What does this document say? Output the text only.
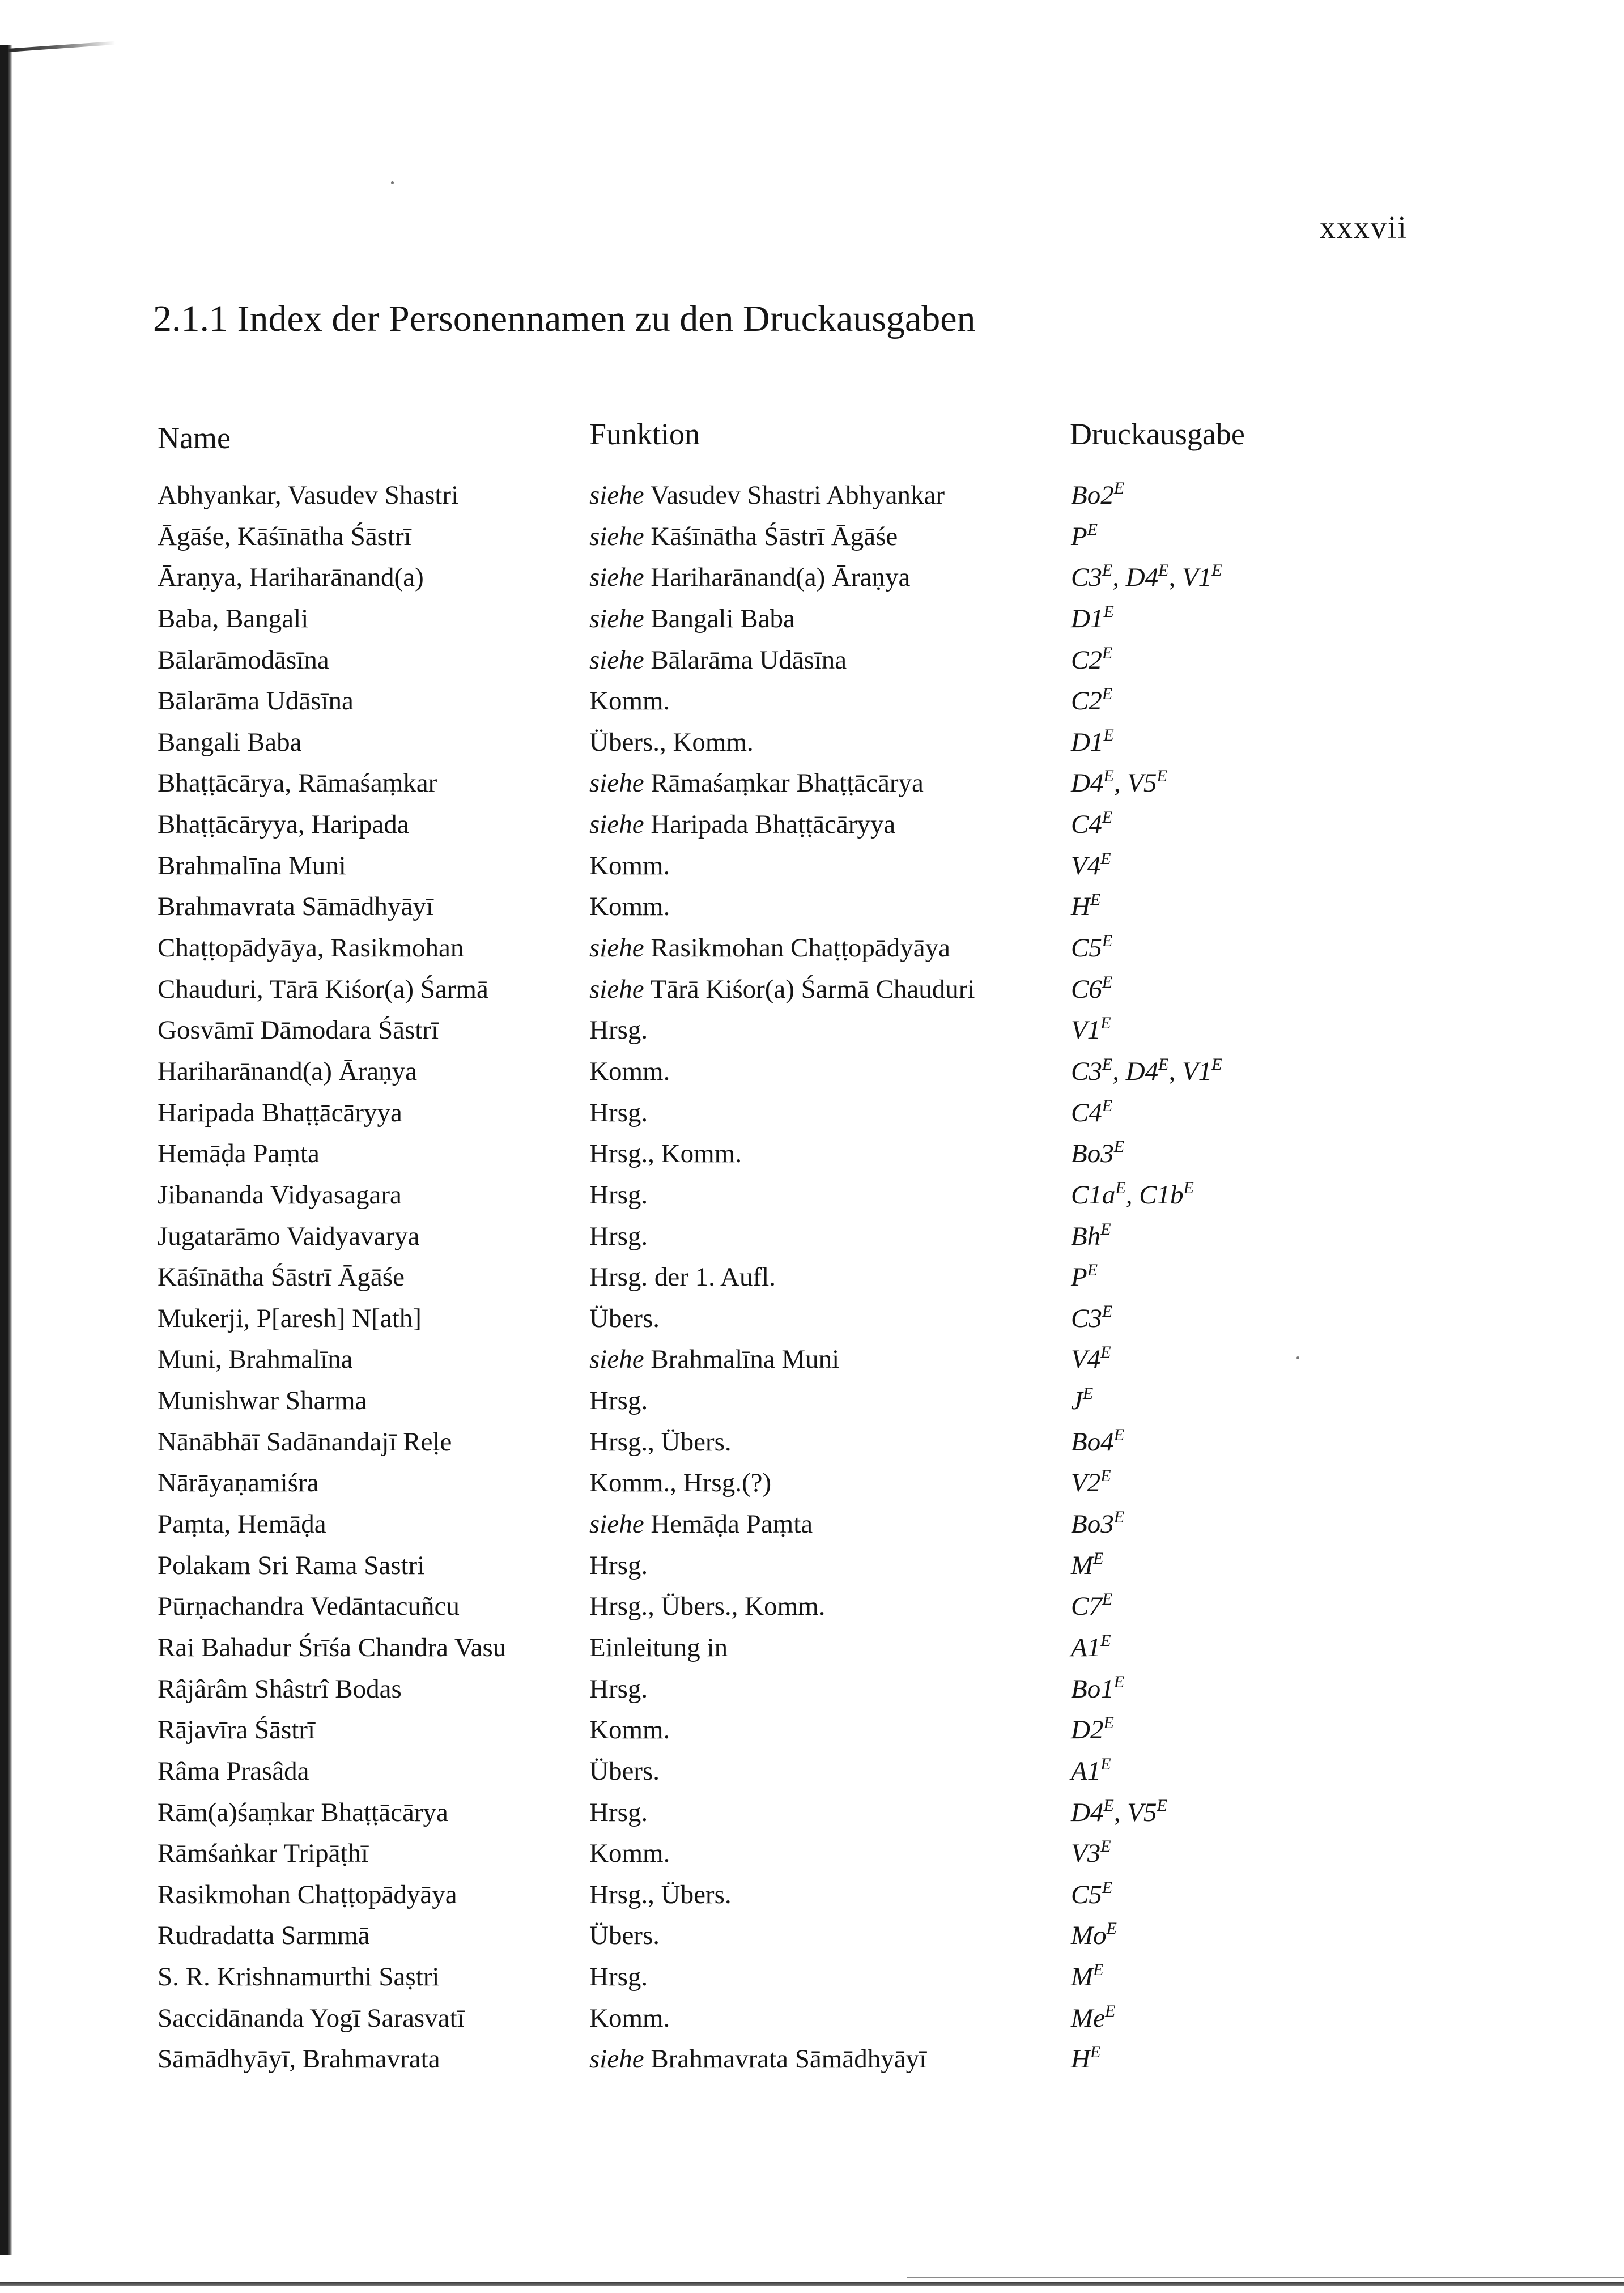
xxxvii
2.1.1 Index der Personennamen zu den Druckausgaben
Name	Funktion	Druckausgabe
Abhyankar, Vasudev Shastri	siehe Vasudev Shastri Abhyankar	$Bo2^E$
Āgāśe, Kāśīnātha Śāstrī	siehe Kāśīnātha Śāstrī Āgāśe	$P^E$
Āraṇya, Hariharānand(a)	siehe Hariharānand(a) Āraṇya	$C3^E$, $D4^E$, $V1^E$
Baba, Bangali	siehe Bangali Baba	$D1^E$
Bālarāmodāsīna	siehe Bālarāma Udāsīna	$C2^E$
Bālarāma Udāsīna	Komm.	$C2^E$
Bangali Baba	Übers., Komm.	$D1^E$
Bhaṭṭācārya, Rāmaśaṃkar	siehe Rāmaśaṃkar Bhaṭṭācārya	$D4^E$, $V5^E$
Bhaṭṭācāryya, Haripada	siehe Haripada Bhaṭṭācāryya	$C4^E$
Brahmalīna Muni	Komm.	$V4^E$
Brahmavrata Sāmādhyāyī	Komm.	$H^E$
Chaṭṭopādyāya, Rasikmohan	siehe Rasikmohan Chaṭṭopādyāya	$C5^E$
Chauduri, Tārā Kiśor(a) Śarmā	siehe Tārā Kiśor(a) Śarmā Chauduri	$C6^E$
Gosvāmī Dāmodara Śāstrī	Hrsg.	$V1^E$
Hariharānand(a) Āraṇya	Komm.	$C3^E$, $D4^E$, $V1^E$
Haripada Bhaṭṭācāryya	Hrsg.	$C4^E$
Hemāḍa Paṃta	Hrsg., Komm.	$Bo3^E$
Jibananda Vidyasagara	Hrsg.	$C1a^E$, $C1b^E$
Jugatarāmo Vaidyavarya	Hrsg.	$Bh^E$
Kāśīnātha Śāstrī Āgāśe	Hrsg. der 1. Aufl.	$P^E$
Mukerji, P[aresh] N[ath]	Übers.	$C3^E$
Muni, Brahmalīna	siehe Brahmalīna Muni	$V4^E$
Munishwar Sharma	Hrsg.	$J^E$
Nānābhāī Sadānandajī Reḷe	Hrsg., Übers.	$Bo4^E$
Nārāyaṇamiśra	Komm., Hrsg.(?)	$V2^E$
Paṃta, Hemāḍa	siehe Hemāḍa Paṃta	$Bo3^E$
Polakam Sri Rama Sastri	Hrsg.	$M^E$
Pūrṇachandra Vedāntacuñcu	Hrsg., Übers., Komm.	$C7^E$
Rai Bahadur Śrīśa Chandra Vasu	Einleitung in	$A1^E$
Râjârâm Shâstrî Bodas	Hrsg.	$Bo1^E$
Rājavīra Śāstrī	Komm.	$D2^E$
Râma Prasâda	Übers.	$A1^E$
Rām(a)śaṃkar Bhaṭṭācārya	Hrsg.	$D4^E$, $V5^E$
Rāmśaṅkar Tripāṭhī	Komm.	$V3^E$
Rasikmohan Chaṭṭopādyāya	Hrsg., Übers.	$C5^E$
Rudradatta Sarmmā	Übers.	$Mo^E$
S. R. Krishnamurthi Saṣtri	Hrsg.	$M^E$
Saccidānanda Yogī Sarasvatī	Komm.	$Me^E$
Sāmādhyāyī, Brahmavrata	siehe Brahmavrata Sāmādhyāyī	$H^E$
